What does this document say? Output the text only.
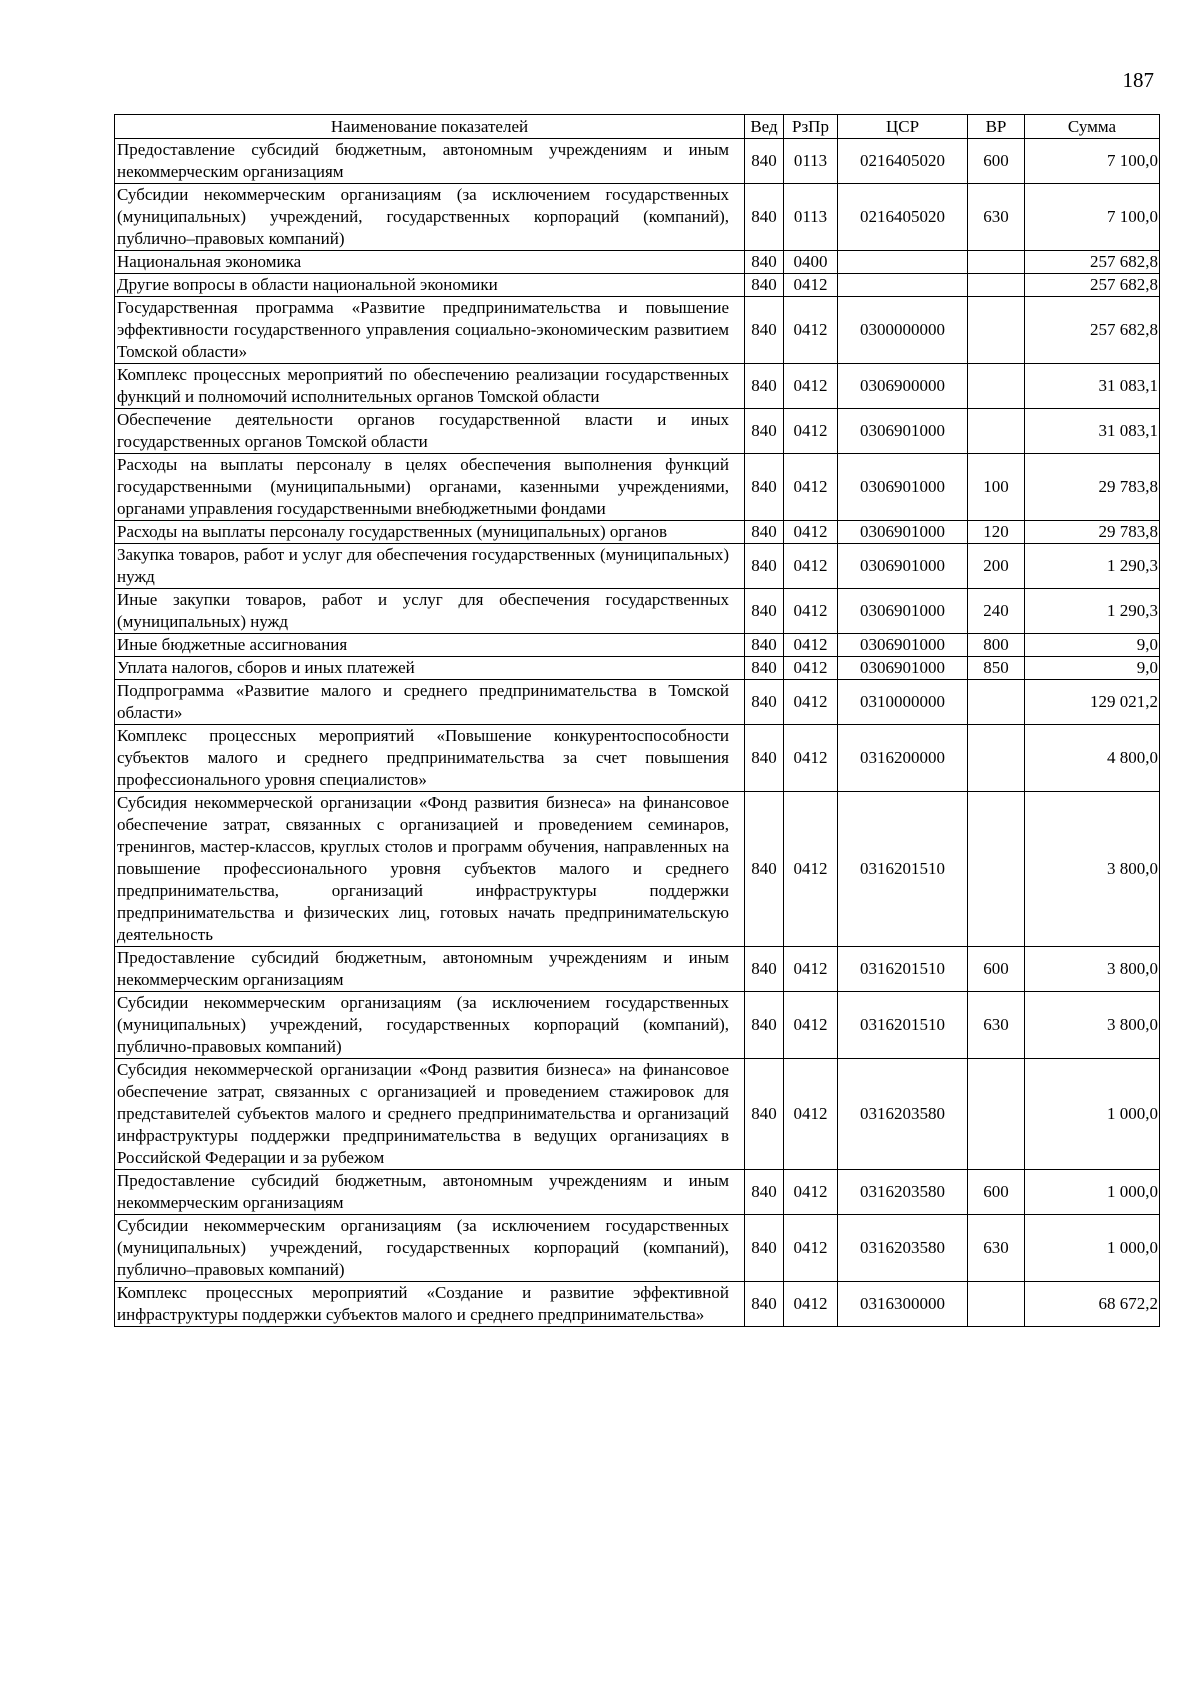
187
Наименование показателей	Вед	РзПр	ЦСР	ВР	Сумма
Предоставление субсидий бюджетным, автономным учреждениям и иным некоммерческим организациям	840	0113	0216405020	600	7 100,0
Субсидии некоммерческим организациям (за исключением государственных (муниципальных) учреждений, государственных корпораций (компаний), публично–правовых компаний)	840	0113	0216405020	630	7 100,0
Национальная экономика	840	0400			257 682,8
Другие вопросы в области национальной экономики	840	0412			257 682,8
Государственная программа «Развитие предпринимательства и повышение эффективности государственного управления социально-экономическим развитием Томской области»	840	0412	0300000000		257 682,8
Комплекс процессных мероприятий по обеспечению реализации государственных функций и полномочий исполнительных органов Томской области	840	0412	0306900000		31 083,1
Обеспечение деятельности органов государственной власти и иных государственных органов Томской области	840	0412	0306901000		31 083,1
Расходы на выплаты персоналу в целях обеспечения выполнения функций государственными (муниципальными) органами, казенными учреждениями, органами управления государственными внебюджетными фондами	840	0412	0306901000	100	29 783,8
Расходы на выплаты персоналу государственных (муниципальных) органов	840	0412	0306901000	120	29 783,8
Закупка товаров, работ и услуг для обеспечения государственных (муниципальных) нужд	840	0412	0306901000	200	1 290,3
Иные закупки товаров, работ и услуг для обеспечения государственных (муниципальных) нужд	840	0412	0306901000	240	1 290,3
Иные бюджетные ассигнования	840	0412	0306901000	800	9,0
Уплата налогов, сборов и иных платежей	840	0412	0306901000	850	9,0
Подпрограмма «Развитие малого и среднего предпринимательства в Томской области»	840	0412	0310000000		129 021,2
Комплекс процессных мероприятий «Повышение конкурентоспособности субъектов малого и среднего предпринимательства за счет повышения профессионального уровня специалистов»	840	0412	0316200000		4 800,0
Субсидия некоммерческой организации «Фонд развития бизнеса» на финансовое обеспечение затрат, связанных с организацией и проведением семинаров, тренингов, мастер-классов, круглых столов и программ обучения, направленных на повышение профессионального уровня субъектов малого и среднего предпринимательства, организаций инфраструктуры поддержки предпринимательства и физических лиц, готовых начать предпринимательскую деятельность	840	0412	0316201510		3 800,0
Предоставление субсидий бюджетным, автономным учреждениям и иным некоммерческим организациям	840	0412	0316201510	600	3 800,0
Субсидии некоммерческим организациям (за исключением государственных (муниципальных) учреждений, государственных корпораций (компаний), публично-правовых компаний)	840	0412	0316201510	630	3 800,0
Субсидия некоммерческой организации «Фонд развития бизнеса» на финансовое обеспечение затрат, связанных с организацией и проведением стажировок для представителей субъектов малого и среднего предпринимательства и организаций инфраструктуры поддержки предпринимательства в ведущих организациях в Российской Федерации и за рубежом	840	0412	0316203580		1 000,0
Предоставление субсидий бюджетным, автономным учреждениям и иным некоммерческим организациям	840	0412	0316203580	600	1 000,0
Субсидии некоммерческим организациям (за исключением государственных (муниципальных) учреждений, государственных корпораций (компаний), публично–правовых компаний)	840	0412	0316203580	630	1 000,0
Комплекс процессных мероприятий «Создание и развитие эффективной инфраструктуры поддержки субъектов малого и среднего предпринимательства»	840	0412	0316300000		68 672,2
